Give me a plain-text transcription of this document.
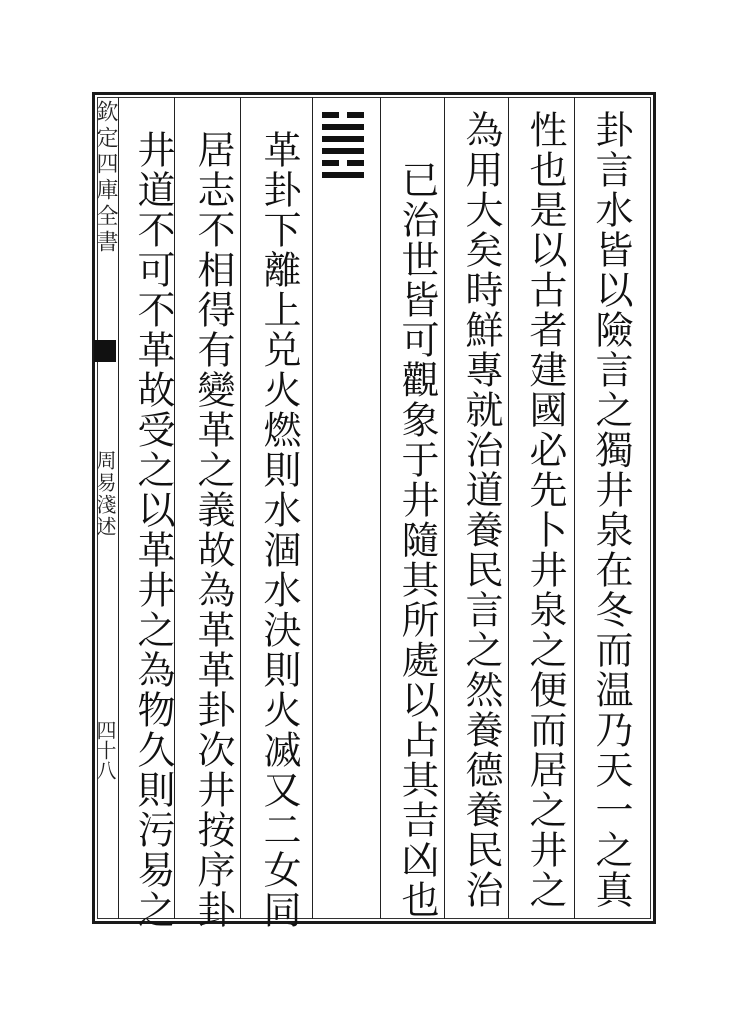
欽定四庫全書
周易淺述
四十八	卦言水皆以險言之獨井泉在冬而温乃天一之真
性也是以古者建國必先卜井泉之便而居之井之
為用大矣時鮮專就治道養民言之然養德養民治
已治世皆可觀象于井隨其所處以占其吉凶也
革卦下離上兑火燃則水涸水決則火㓕又二女同
居志不相得有變革之義故為革革卦次井按序卦
井道不可不革故受之以革井之為物久則污易之
